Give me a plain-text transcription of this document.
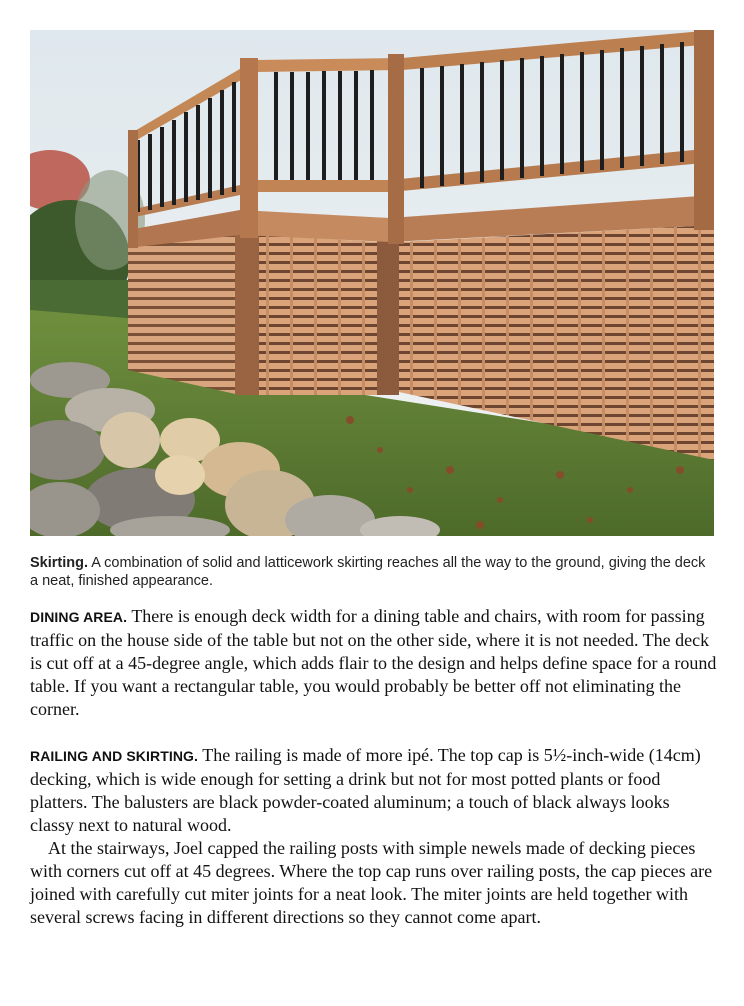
Skirting. A combination of solid and latticework skirting reaches all the way to the ground, giving the deck a neat, finished appearance.

DINING AREA. There is enough deck width for a dining table and chairs, with room for passing traffic on the house side of the table but not on the other side, where it is not needed. The deck is cut off at a 45-degree angle, which adds flair to the design and helps define space for a round table. If you want a rectangular table, you would probably be better off not eliminating the corner.

RAILING AND SKIRTING. The railing is made of more ipé. The top cap is 5½-inch-wide (14cm) decking, which is wide enough for setting a drink but not for most potted plants or food platters. The balusters are black powder-coated aluminum; a touch of black always looks classy next to natural wood.

At the stairways, Joel capped the railing posts with simple newels made of decking pieces with corners cut off at 45 degrees. Where the top cap runs over railing posts, the cap pieces are joined with carefully cut miter joints for a neat look. The miter joints are held together with several screws facing in different directions so they cannot come apart.
